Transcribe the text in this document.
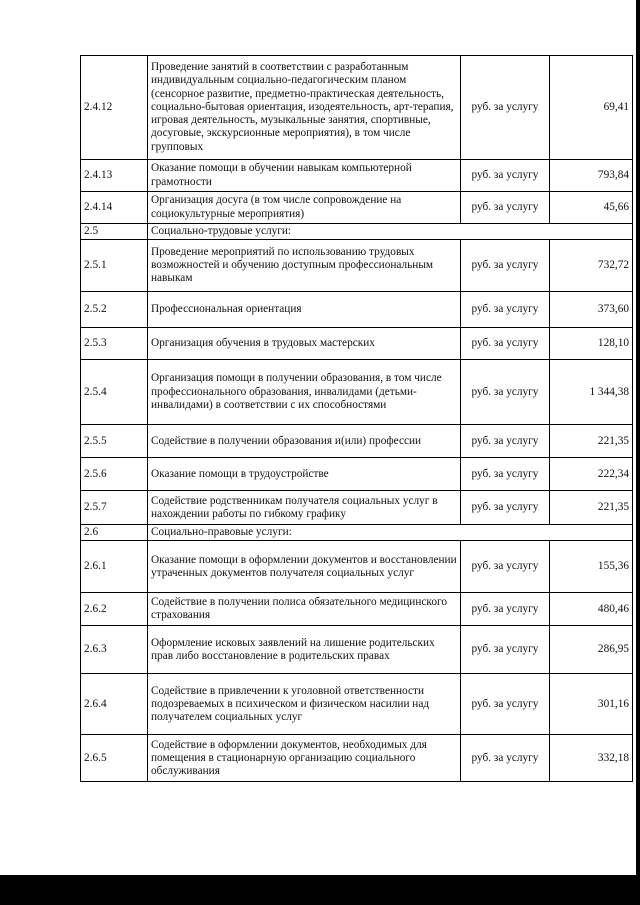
2.4.12	Проведение занятий в соответствии с разработанным индивидуальным социально-педагогическим планом (сенсорное развитие, предметно-практическая деятельность, социально-бытовая ориентация, изодеятельность, арт-терапия, игровая деятельность, музыкальные занятия, спортивные, досуговые, экскурсионные мероприятия), в том числе групповых	руб. за услугу	69,41
2.4.13	Оказание помощи в обучении навыкам компьютерной грамотности	руб. за услугу	793,84
2.4.14	Организация досуга (в том числе сопровождение на социокультурные мероприятия)	руб. за услугу	45,66
2.5	Социально-трудовые услуги:		
2.5.1	Проведение мероприятий по использованию трудовых возможностей и обучению доступным профессиональным навыкам	руб. за услугу	732,72
2.5.2	Профессиональная ориентация	руб. за услугу	373,60
2.5.3	Организация обучения в трудовых мастерских	руб. за услугу	128,10
2.5.4	Организация помощи в получении образования, в том числе профессионального образования, инвалидами (детьми-инвалидами) в соответствии с их способностями	руб. за услугу	1 344,38
2.5.5	Содействие в получении образования и(или) профессии	руб. за услугу	221,35
2.5.6	Оказание помощи в трудоустройстве	руб. за услугу	222,34
2.5.7	Содействие родственникам получателя социальных услуг в нахождении работы по гибкому графику	руб. за услугу	221,35
2.6	Социально-правовые услуги:		
2.6.1	Оказание помощи в оформлении документов и восстановлении утраченных документов получателя социальных услуг	руб. за услугу	155,36
2.6.2	Содействие в получении полиса обязательного медицинского страхования	руб. за услугу	480,46
2.6.3	Оформление исковых заявлений на лишение родительских прав либо восстановление в родительских правах	руб. за услугу	286,95
2.6.4	Содействие в привлечении к уголовной ответственности подозреваемых в психическом и физическом насилии над получателем социальных услуг	руб. за услугу	301,16
2.6.5	Содействие в оформлении документов, необходимых для помещения в стационарную организацию социального обслуживания	руб. за услугу	332,18
